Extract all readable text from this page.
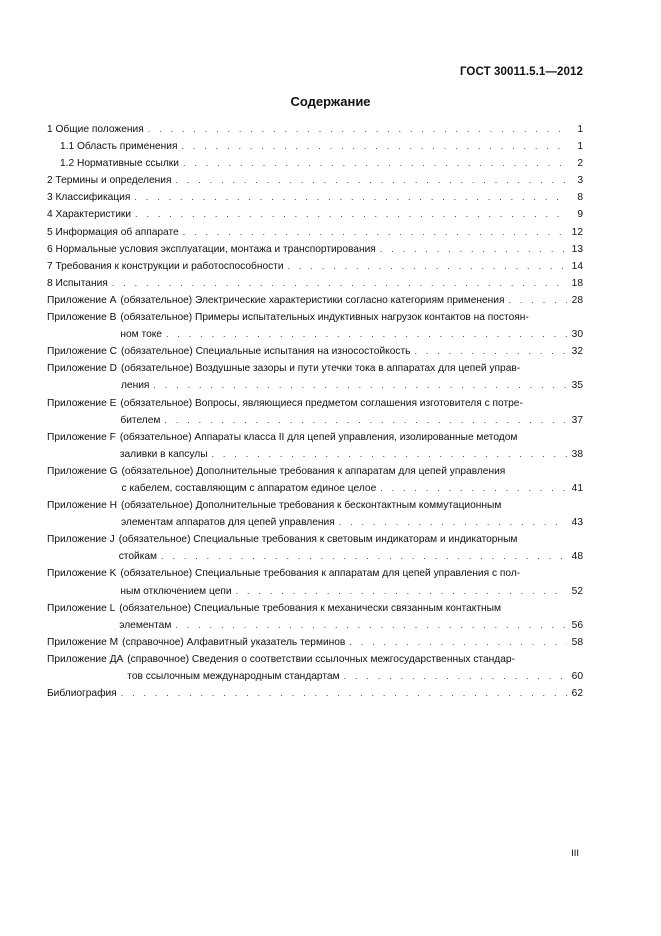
ГОСТ 30011.5.1—2012
Содержание
1 Общие положения . . .	1
1.1 Область применения . . .	1
1.2 Нормативные ссылки . . .	2
2 Термины и определения . . .	3
3 Классификация . . .	8
4 Характеристики . . .	9
5 Информация об аппарате . . .	12
6 Нормальные условия эксплуатации, монтажа и транспортирования . . .	13
7 Требования к конструкции и работоспособности . . .	14
8 Испытания . . .	18
Приложение А (обязательное) Электрические характеристики согласно категориям применения . . .	28
Приложение В (обязательное) Примеры испытательных индуктивных нагрузок контактов на постоян-
ном токе . . .	30
Приложение С (обязательное) Специальные испытания на износостойкость . . .	32
Приложение D (обязательное) Воздушные зазоры и пути утечки тока в аппаратах для цепей управ-
ления . . .	35
Приложение Е (обязательное) Вопросы, являющиеся предметом соглашения изготовителя с потре-
бителем . . .	37
Приложение F (обязательное) Аппараты класса II для цепей управления, изолированные методом
заливки в капсулы . . .	38
Приложение G (обязательное) Дополнительные требования к аппаратам для цепей управления
с кабелем, составляющим с аппаратом единое целое . . .	41
Приложение Н (обязательное) Дополнительные требования к бесконтактным коммутационным
элементам аппаратов для цепей управления . . .	43
Приложение J (обязательное) Специальные требования к световым индикаторам и индикаторным
стойкам . . .	48
Приложение K (обязательное) Специальные требования к аппаратам для цепей управления с пол-
ным отключением цепи . . .	52
Приложение L (обязательное) Специальные требования к механически связанным контактным
элементам . . .	56
Приложение М (справочное) Алфавитный указатель терминов . . .	58
Приложение ДА (справочное) Сведения о соответствии ссылочных межгосударственных стандар-
тов ссылочным международным стандартам . . .	60
Библиография . . .	62
III
